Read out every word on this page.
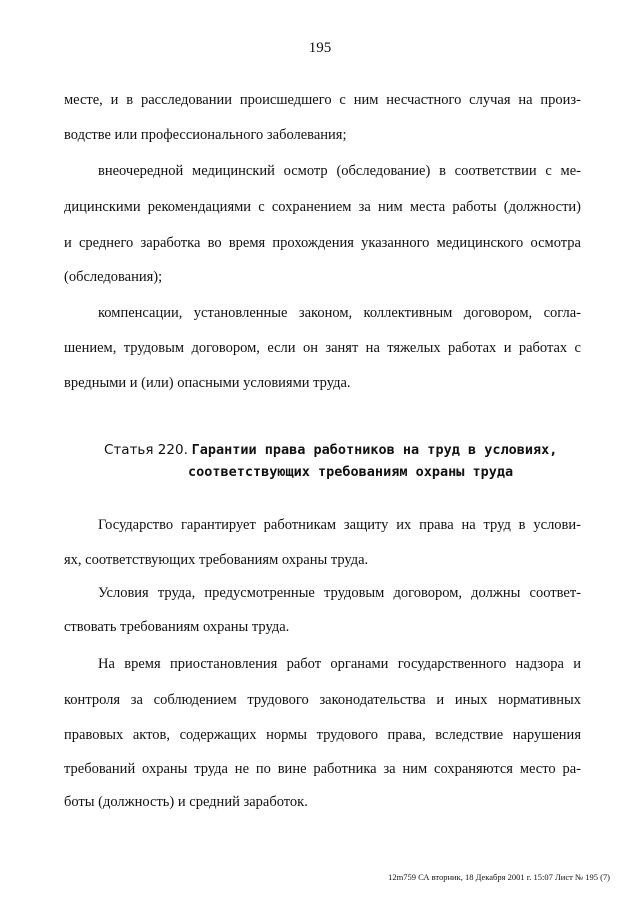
195
месте, и в расследовании происшедшего с ним несчастного случая на произ-
водстве или профессионального заболевания;
внеочередной медицинский осмотр (обследование) в соответствии с ме-
дицинскими рекомендациями с сохранением за ним места работы (должности)
и среднего заработка во время прохождения указанного медицинского осмотра
(обследования);
компенсации, установленные законом, коллективным договором, согла-
шением, трудовым договором, если он занят на тяжелых работах и работах с
вредными и (или) опасными условиями труда.
Статья 220. Гарантии права работников на труд в условиях,
соответствующих требованиям охраны труда
Государство гарантирует работникам защиту их права на труд в услови-
ях, соответствующих требованиям охраны труда.
Условия труда, предусмотренные трудовым договором, должны соответ-
ствовать требованиям охраны труда.
На время приостановления работ органами государственного надзора и
контроля за соблюдением трудового законодательства и иных нормативных
правовых актов, содержащих нормы трудового права, вследствие нарушения
требований охраны труда не по вине работника за ним сохраняются место ра-
боты (должность) и средний заработок.
12m759 СА вторник, 18 Декабря 2001 г. 15:07 Лист № 195 (7)
